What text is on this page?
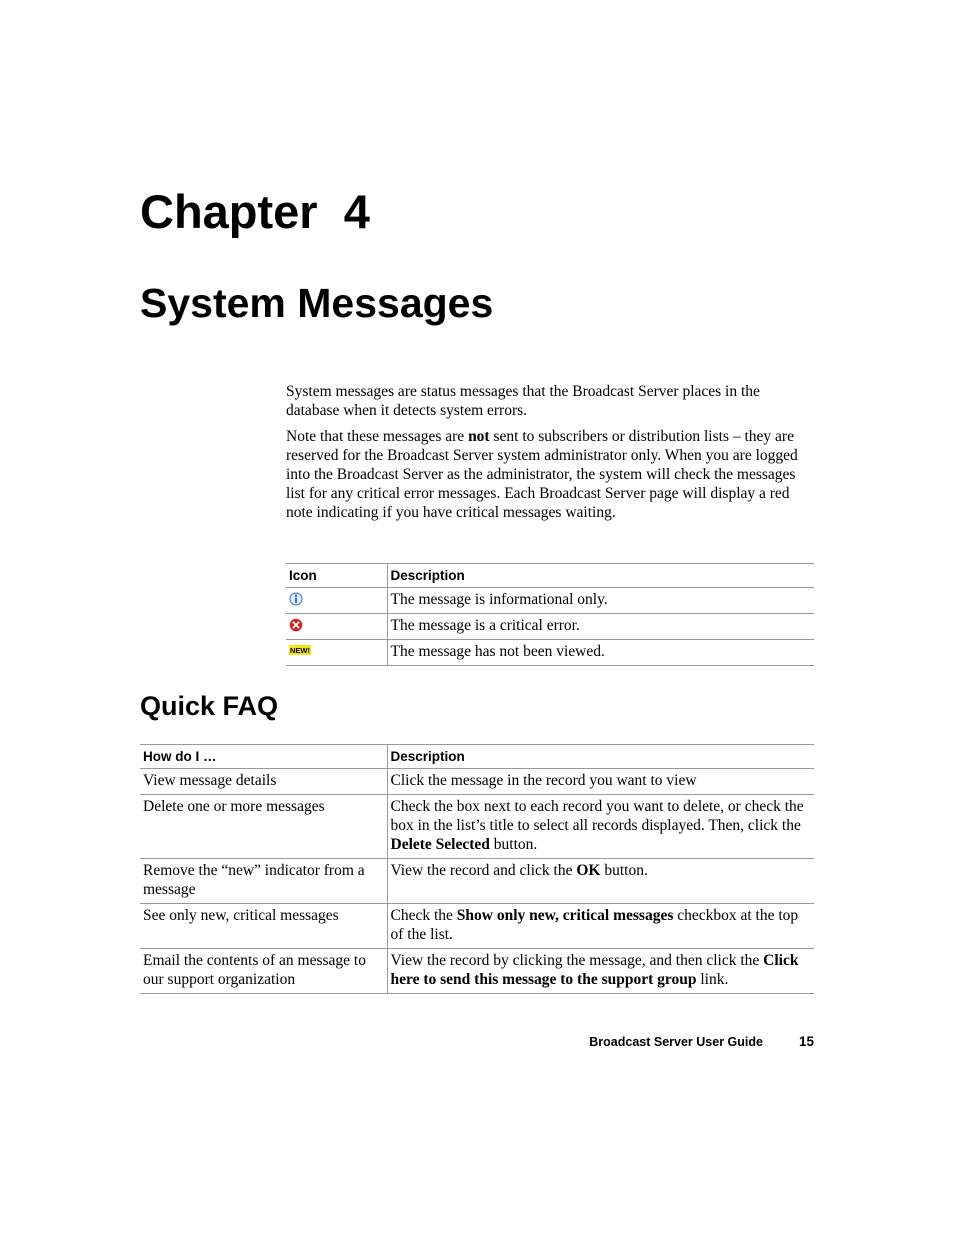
Chapter  4
System Messages

System messages are status messages that the Broadcast Server places in the database when it detects system errors.

Note that these messages are not sent to subscribers or distribution lists – they are reserved for the Broadcast Server system administrator only. When you are logged into the Broadcast Server as the administrator, the system will check the messages list for any critical error messages. Each Broadcast Server page will display a red note indicating if you have critical messages waiting.

Icon	Description

	The message is informational only.

	The message is a critical error.

NEW!	The message has not been viewed.
Quick FAQ
How do I …	Description
View message details	Click the message in the record you want to view
Delete one or more messages	Check the box next to each record you want to delete, or check the box in the list’s title to select all records displayed. Then, click the Delete Selected button.
Remove the “new” indicator from a message	View the record and click the OK button.
See only new, critical messages	Check the Show only new, critical messages checkbox at the top of the list.
Email the contents of an message to our support organization	View the record by clicking the message, and then click the Click here to send this message to the support group link.
Broadcast Server User Guide	15
